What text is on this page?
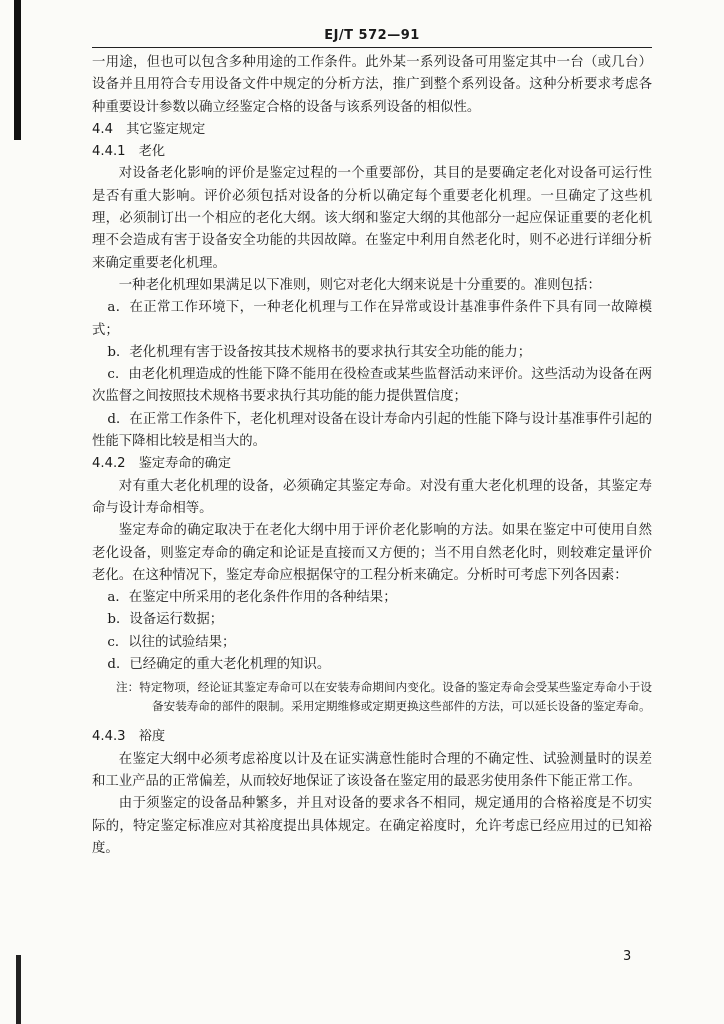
EJ/T 572—91

一用途，但也可以包含多种用途的工作条件。此外某一系列设备可用鉴定其中一台（或几台）设备并且用符合专用设备文件中规定的分析方法，推广到整个系列设备。这种分析要求考虑各种重要设计参数以确立经鉴定合格的设备与该系列设备的相似性。

4.4　其它鉴定规定

4.4.1　老化

对设备老化影响的评价是鉴定过程的一个重要部份，其目的是要确定老化对设备可运行性是否有重大影响。评价必须包括对设备的分析以确定每个重要老化机理。一旦确定了这些机理，必须制订出一个相应的老化大纲。该大纲和鉴定大纲的其他部分一起应保证重要的老化机理不会造成有害于设备安全功能的共因故障。在鉴定中利用自然老化时，则不必进行详细分析来确定重要老化机理。

一种老化机理如果满足以下准则，则它对老化大纲来说是十分重要的。准则包括：

a．在正常工作环境下，一种老化机理与工作在异常或设计基准事件条件下具有同一故障模式；

b．老化机理有害于设备按其技术规格书的要求执行其安全功能的能力；

c．由老化机理造成的性能下降不能用在役检查或某些监督活动来评价。这些活动为设备在两次监督之间按照技术规格书要求执行其功能的能力提供置信度；

d．在正常工作条件下，老化机理对设备在设计寿命内引起的性能下降与设计基准事件引起的性能下降相比较是相当大的。

4.4.2　鉴定寿命的确定

对有重大老化机理的设备，必须确定其鉴定寿命。对没有重大老化机理的设备，其鉴定寿命与设计寿命相等。

鉴定寿命的确定取决于在老化大纲中用于评价老化影响的方法。如果在鉴定中可使用自然老化设备，则鉴定寿命的确定和论证是直接而又方便的；当不用自然老化时，则较难定量评价老化。在这种情况下，鉴定寿命应根据保守的工程分析来确定。分析时可考虑下列各因素：

a．在鉴定中所采用的老化条件作用的各种结果；

b．设备运行数据；

c．以往的试验结果；

d．已经确定的重大老化机理的知识。

注：特定物项，经论证其鉴定寿命可以在安装寿命期间内变化。设备的鉴定寿命会受某些鉴定寿命小于设备安装寿命的部件的限制。采用定期维修或定期更换这些部件的方法，可以延长设备的鉴定寿命。

4.4.3　裕度

在鉴定大纲中必须考虑裕度以计及在证实满意性能时合理的不确定性、试验测量时的误差和工业产品的正常偏差，从而较好地保证了该设备在鉴定用的最恶劣使用条件下能正常工作。

由于须鉴定的设备品种繁多，并且对设备的要求各不相同，规定通用的合格裕度是不切实际的，特定鉴定标准应对其裕度提出具体规定。在确定裕度时，允许考虑已经应用过的已知裕度。

3
